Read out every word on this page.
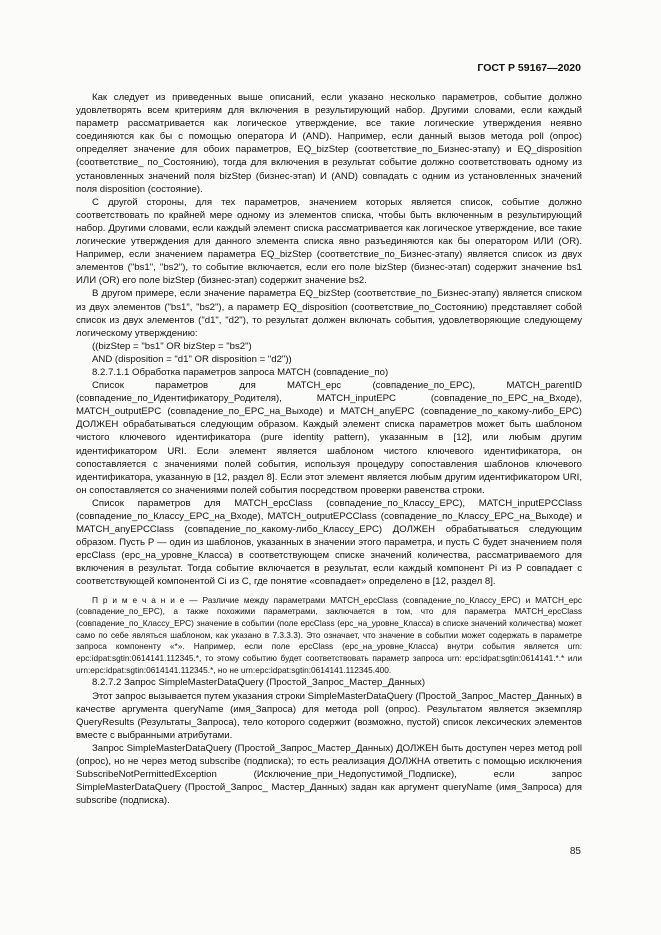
ГОСТ Р 59167—2020

Как следует из приведенных выше описаний, если указано несколько параметров, событие должно удовлетворять всем критериям для включения в результирующий набор. Другими словами, если каждый параметр рассматривается как логическое утверждение, все такие логические утверждения неявно соединяются как бы с помощью оператора И (AND). Например, если данный вызов метода poll (опрос) определяет значение для обоих параметров, EQ_bizStep (соответствие_по_Бизнес-этапу) и EQ_disposition (соответствие_ по_Состоянию), тогда для включения в результат событие должно соответствовать одному из установленных значений поля bizStep (бизнес-этап) И (AND) совпадать с одним из установленных значений поля disposition (состояние).

С другой стороны, для тех параметров, значением которых является список, событие должно соответствовать по крайней мере одному из элементов списка, чтобы быть включенным в результирующий набор. Другими словами, если каждый элемент списка рассматривается как логическое утверждение, все такие логические утверждения для данного элемента списка явно разъединяются как бы оператором ИЛИ (OR). Например, если значением параметра EQ_bizStep (соответствие_по_Бизнес-этапу) является список из двух элементов ("bs1", "bs2"), то событие включается, если его поле bizStep (бизнес-этап) содержит значение bs1 ИЛИ (OR) его поле bizStep (бизнес-этап) содержит значение bs2.

В другом примере, если значение параметра EQ_bizStep (соответствие_по_Бизнес-этапу) является списком из двух элементов ("bs1", "bs2"), а параметр EQ_disposition (соответствие_по_Состоянию) представляет собой список из двух элементов ("d1", "d2"), то результат должен включать события, удовлетворяющие следующему логическому утверждению:

((bizStep = "bs1" OR bizStep = "bs2")

AND (disposition = "d1" OR disposition = "d2"))

8.2.7.1.1 Обработка параметров запроса MATCH (совпадение_по)

Список параметров для MATCH_epc (совпадение_по_EPC), MATCH_parentID (совпадение_по_Идентификатору_Родителя), MATCH_inputEPC (совпадение_по_EPC_на_Входе), MATCH_outputEPC (совпадение_по_EPC_на_Выходе) и MATCH_anyEPC (совпадение_по_какому-либо_EPC) ДОЛЖЕН обрабатываться следующим образом. Каждый элемент списка параметров может быть шаблоном чистого ключевого идентификатора (pure identity pattern), указанным в [12], или любым другим идентификатором URI. Если элемент является шаблоном чистого ключевого идентификатора, он сопоставляется с значениями полей события, используя процедуру сопоставления шаблонов ключевого идентификатора, указанную в [12, раздел 8]. Если этот элемент является любым другим идентификатором URI, он сопоставляется со значениями полей события посредством проверки равенства строки.

Список параметров для MATCH_epcClass (совпадение_по_Классу_EPC), MATCH_inputEPCClass (совпадение_по_Классу_EPC_на_Входе), MATCH_outputEPCClass (совпадение_по_Классу_EPC_на_Выходе) и MATCH_anyEPCClass (совпадение_по_какому-либо_Классу_EPC) ДОЛЖЕН обрабатываться следующим образом. Пусть P — один из шаблонов, указанных в значении этого параметра, и пусть C будет значением поля epcClass (epc_на_уровне_Класса) в соответствующем списке значений количества, рассматриваемого для включения в результат. Тогда событие включается в результат, если каждый компонент Pi из P совпадает с соответствующей компонентой Ci из C, где понятие «совпадает» определено в [12, раздел 8].

П р и м е ч а н и е — Различие между параметрами MATCH_epcClass (совпадение_по_Классу_EPC) и MATCH_epc (совпадение_по_EPC), а также похожими параметрами, заключается в том, что для параметра MATCH_epcClass (совпадение_по_Классу_EPC) значение в событии (поле epcClass (epc_на_уровне_Класса) в списке значений количества) может само по себе являться шаблоном, как указано в 7.3.3.3). Это означает, что значение в событии может содержать в параметре запроса компоненту «*». Например, если поле epcClass (epc_на_уровне_Класса) внутри события является urn: epc:idpat:sgtin:0614141.112345.*, то этому событию будет соответствовать параметр запроса urn: epc:idpat:sgtin:0614141.*.* или urn:epc:idpat:sgtin:0614141.112345.*, но не urn:epc:idpat:sgtin:0614141.112345.400.

8.2.7.2 Запрос SimpleMasterDataQuery (Простой_Запрос_Мастер_Данных)

Этот запрос вызывается путем указания строки SimpleMasterDataQuery (Простой_Запрос_Мастер_Данных) в качестве аргумента queryName (имя_Запроса) для метода poll (опрос). Результатом является экземпляр QueryResults (Результаты_Запроса), тело которого содержит (возможно, пустой) список лексических элементов вместе с выбранными атрибутами.

Запрос SimpleMasterDataQuery (Простой_Запрос_Мастер_Данных) ДОЛЖЕН быть доступен через метод poll (опрос), но не через метод subscribe (подписка); то есть реализация ДОЛЖНА ответить с помощью исключения SubscribeNotPermittedException (Исключение_при_Недопустимой_Подписке), если запрос SimpleMasterDataQuery (Простой_Запрос_ Мастер_Данных) задан как аргумент queryName (имя_Запроса) для subscribe (подписка).

85
